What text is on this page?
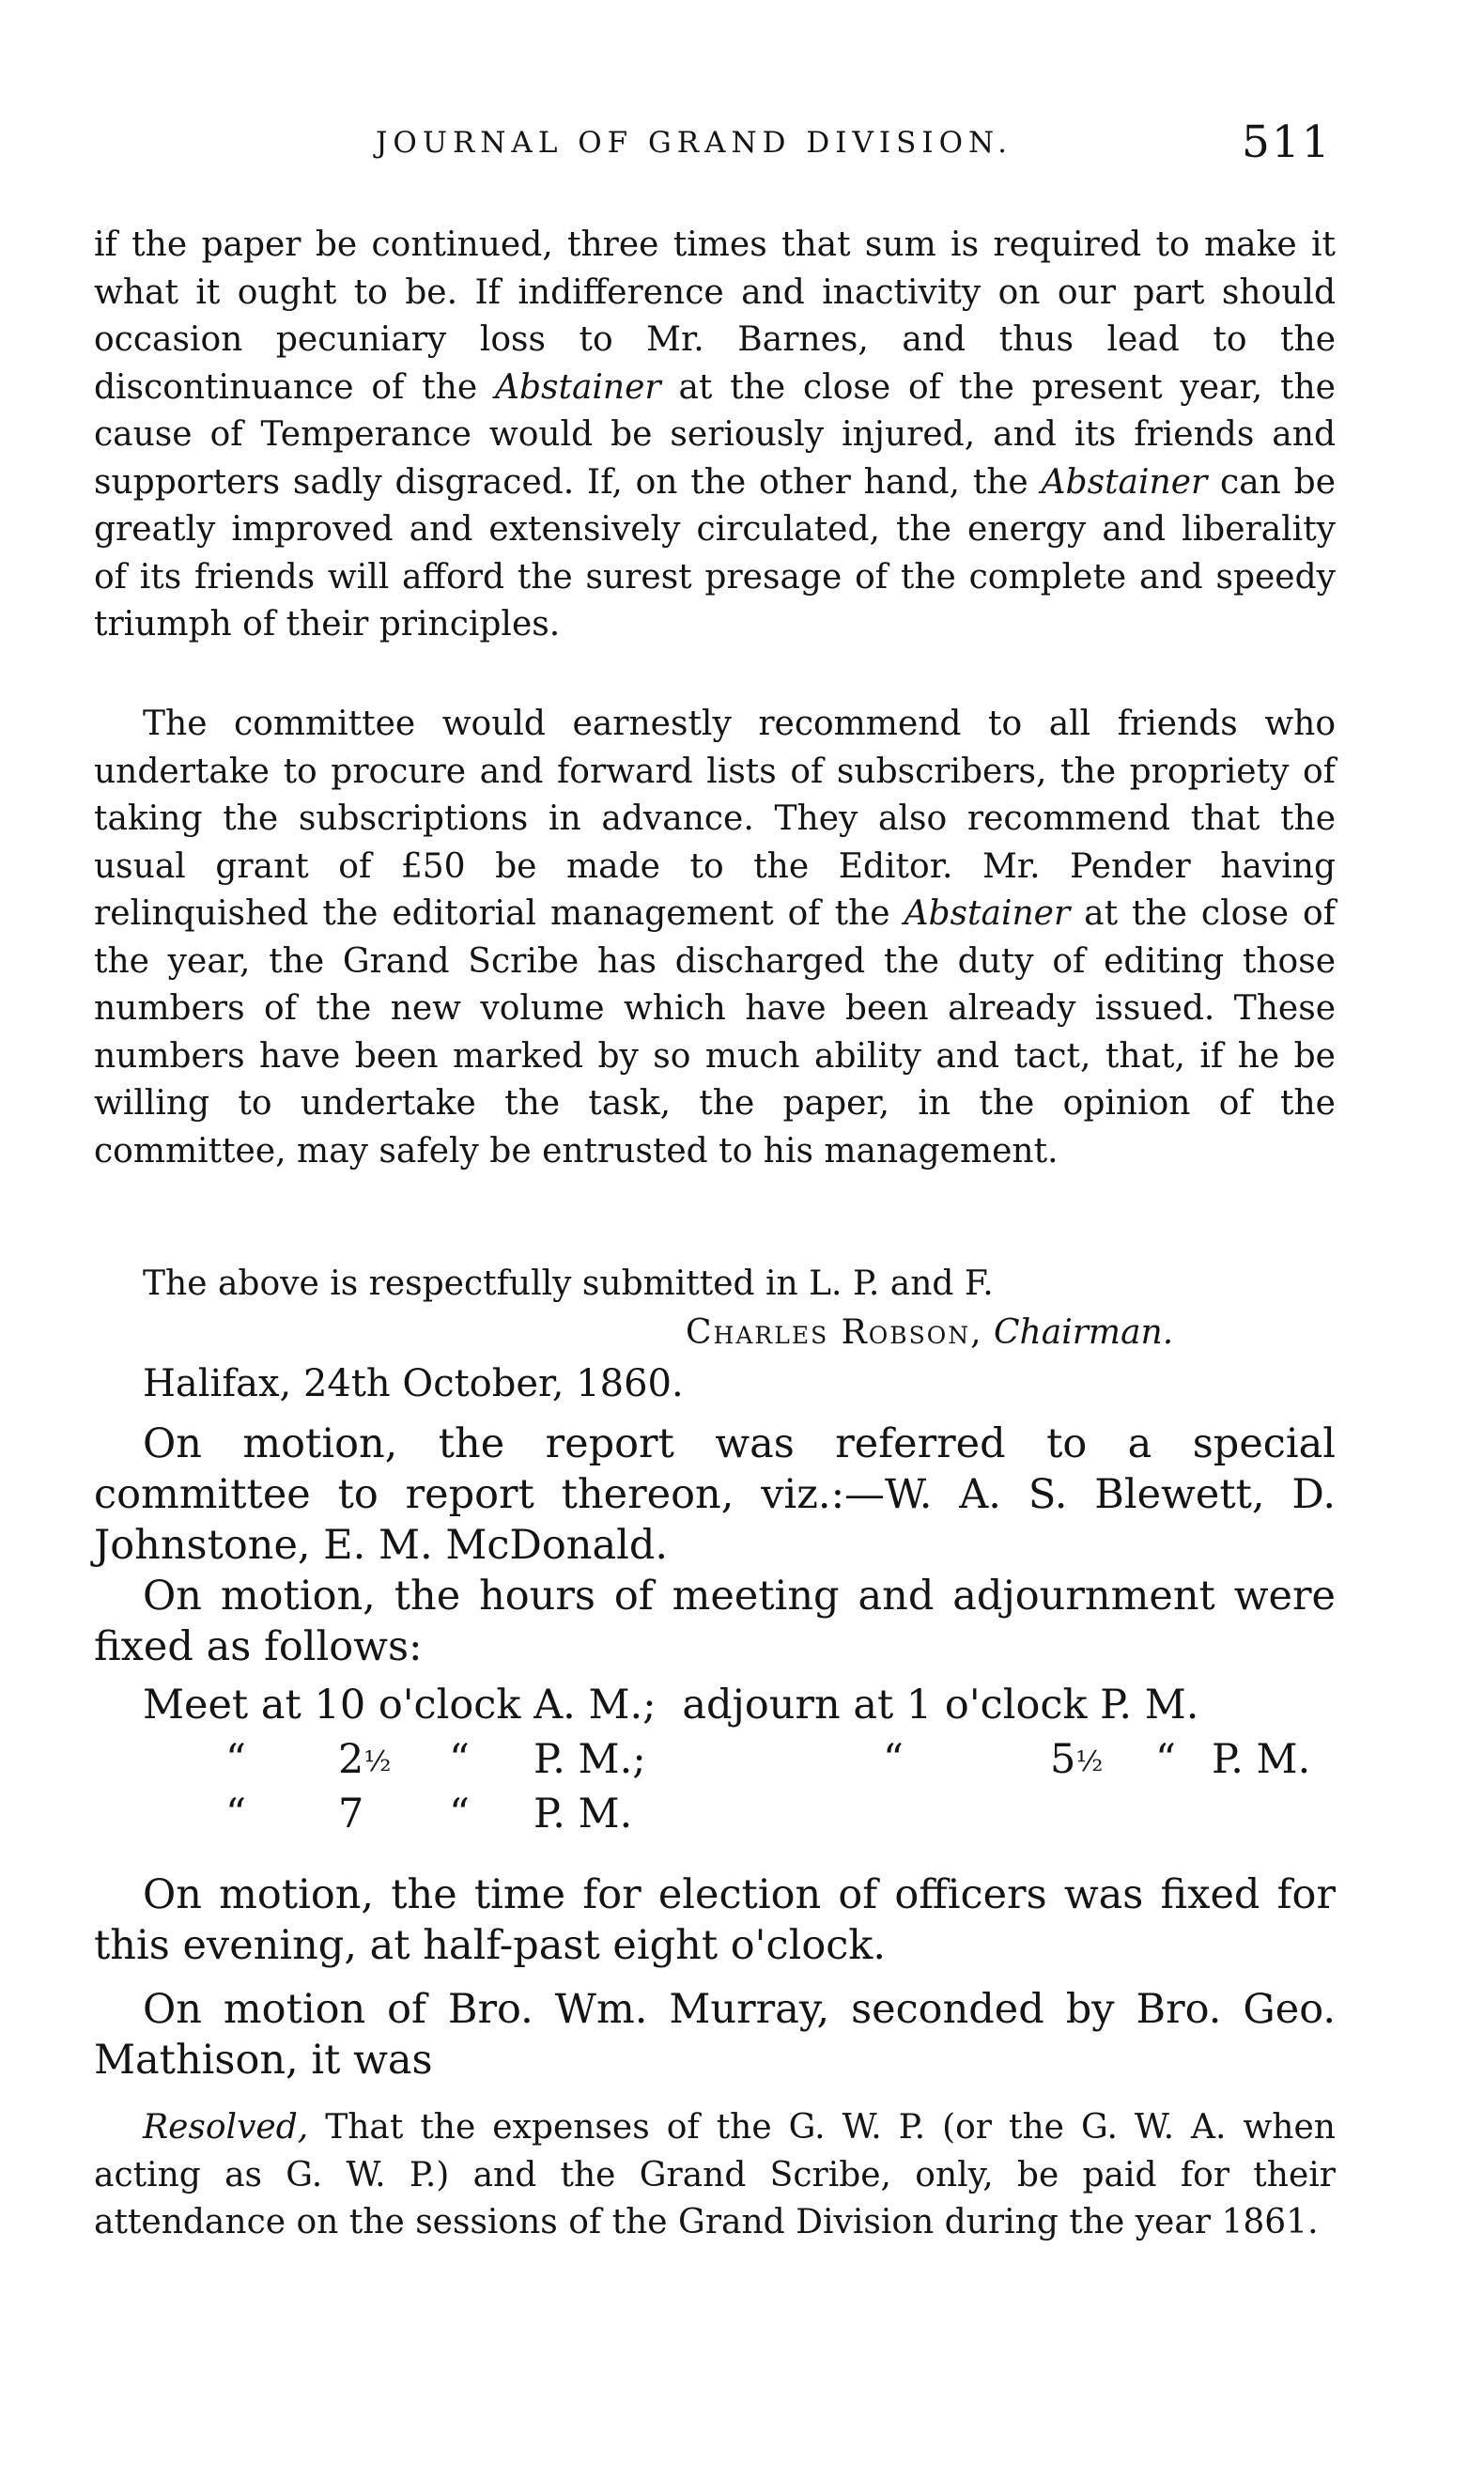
JOURNAL OF GRAND DIVISION.	511

if the paper be continued, three times that sum is required to make it what it ought to be. If indifference and inactivity on our part should occasion pecuniary loss to Mr. Barnes, and thus lead to the discontinuance of the Abstainer at the close of the present year, the cause of Temperance would be seriously injured, and its friends and supporters sadly disgraced. If, on the other hand, the Abstainer can be greatly improved and extensively circulated, the energy and liberality of its friends will afford the surest presage of the complete and speedy triumph of their principles.

The committee would earnestly recommend to all friends who undertake to procure and forward lists of subscribers, the propriety of taking the subscriptions in advance. They also recommend that the usual grant of £50 be made to the Editor. Mr. Pender having relinquished the editorial management of the Abstainer at the close of the year, the Grand Scribe has discharged the duty of editing those numbers of the new volume which have been already issued. These numbers have been marked by so much ability and tact, that, if he be willing to undertake the task, the paper, in the opinion of the committee, may safely be entrusted to his management.

The above is respectfully submitted in L. P. and F.

Charles Robson, Chairman.
Halifax, 24th October, 1860.

On motion, the report was referred to a special committee to report thereon, viz.:—W. A. S. Blewett, D. Johnstone, E. M. McDonald.

On motion, the hours of meeting and adjournment were fixed as follows:

Meet at 10 o'clock A. M.; adjourn at 1 o'clock P. M.
“ 2½ “ P. M.;	“	5½ “ P. M.
“ 7 “ P. M.

On motion, the time for election of officers was fixed for this evening, at half-past eight o'clock.

On motion of Bro. Wm. Murray, seconded by Bro. Geo. Mathison, it was

Resolved, That the expenses of the G. W. P. (or the G. W. A. when acting as G. W. P.) and the Grand Scribe, only, be paid for their attendance on the sessions of the Grand Division during the year 1861.
